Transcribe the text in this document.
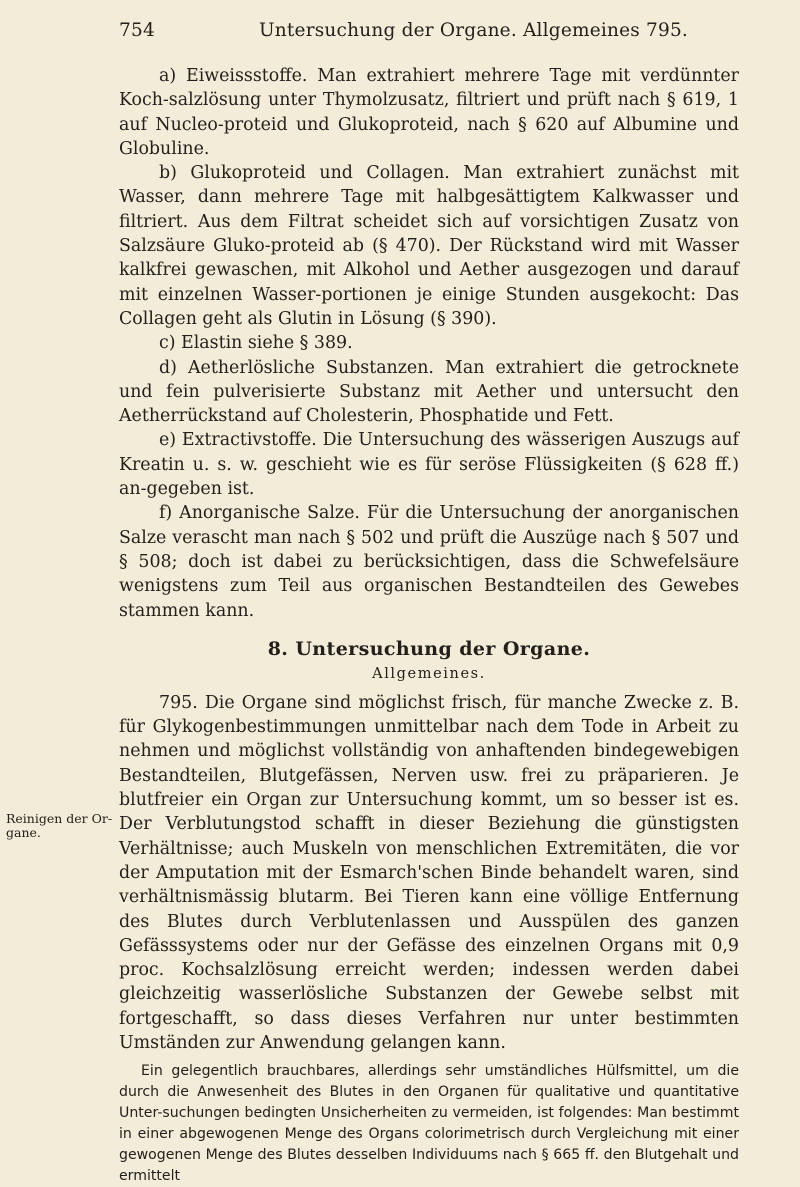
754	Untersuchung der Organe. Allgemeines 795.
Reinigen der Or-gane.

a) Eiweissstoffe. Man extrahiert mehrere Tage mit verdünnter Koch-salzlösung unter Thymolzusatz, filtriert und prüft nach § 619, 1 auf Nucleo-proteid und Glukoproteid, nach § 620 auf Albumine und Globuline.

b) Glukoproteid und Collagen. Man extrahiert zunächst mit Wasser, dann mehrere Tage mit halbgesättigtem Kalkwasser und filtriert. Aus dem Filtrat scheidet sich auf vorsichtigen Zusatz von Salzsäure Gluko-proteid ab (§ 470). Der Rückstand wird mit Wasser kalkfrei gewaschen, mit Alkohol und Aether ausgezogen und darauf mit einzelnen Wasser-portionen je einige Stunden ausgekocht: Das Collagen geht als Glutin in Lösung (§ 390).

c) Elastin siehe § 389.

d) Aetherlösliche Substanzen. Man extrahiert die getrocknete und fein pulverisierte Substanz mit Aether und untersucht den Aetherrückstand auf Cholesterin, Phosphatide und Fett.

e) Extractivstoffe. Die Untersuchung des wässerigen Auszugs auf Kreatin u. s. w. geschieht wie es für seröse Flüssigkeiten (§ 628 ff.) an-gegeben ist.

f) Anorganische Salze. Für die Untersuchung der anorganischen Salze verascht man nach § 502 und prüft die Auszüge nach § 507 und § 508; doch ist dabei zu berücksichtigen, dass die Schwefelsäure wenigstens zum Teil aus organischen Bestandteilen des Gewebes stammen kann.

8. Untersuchung der Organe.
Allgemeines.

795. Die Organe sind möglichst frisch, für manche Zwecke z. B. für Glykogenbestimmungen unmittelbar nach dem Tode in Arbeit zu nehmen und möglichst vollständig von anhaftenden bindegewebigen Bestandteilen, Blutgefässen, Nerven usw. frei zu präparieren. Je blutfreier ein Organ zur Untersuchung kommt, um so besser ist es. Der Verblutungstod schafft in dieser Beziehung die günstigsten Verhältnisse; auch Muskeln von menschlichen Extremitäten, die vor der Amputation mit der Esmarch'schen Binde behandelt waren, sind verhältnismässig blutarm. Bei Tieren kann eine völlige Entfernung des Blutes durch Verblutenlassen und Ausspülen des ganzen Gefässsystems oder nur der Gefässe des einzelnen Organs mit 0,9 proc. Kochsalzlösung erreicht werden; indessen werden dabei gleichzeitig wasserlösliche Substanzen der Gewebe selbst mit fortgeschafft, so dass dieses Verfahren nur unter bestimmten Umständen zur Anwendung gelangen kann.

Ein gelegentlich brauchbares, allerdings sehr umständliches Hülfsmittel, um die durch die Anwesenheit des Blutes in den Organen für qualitative und quantitative Unter-suchungen bedingten Unsicherheiten zu vermeiden, ist folgendes: Man bestimmt in einer abgewogenen Menge des Organs colorimetrisch durch Vergleichung mit einer gewogenen Menge des Blutes desselben Individuums nach § 665 ff. den Blutgehalt und ermittelt
